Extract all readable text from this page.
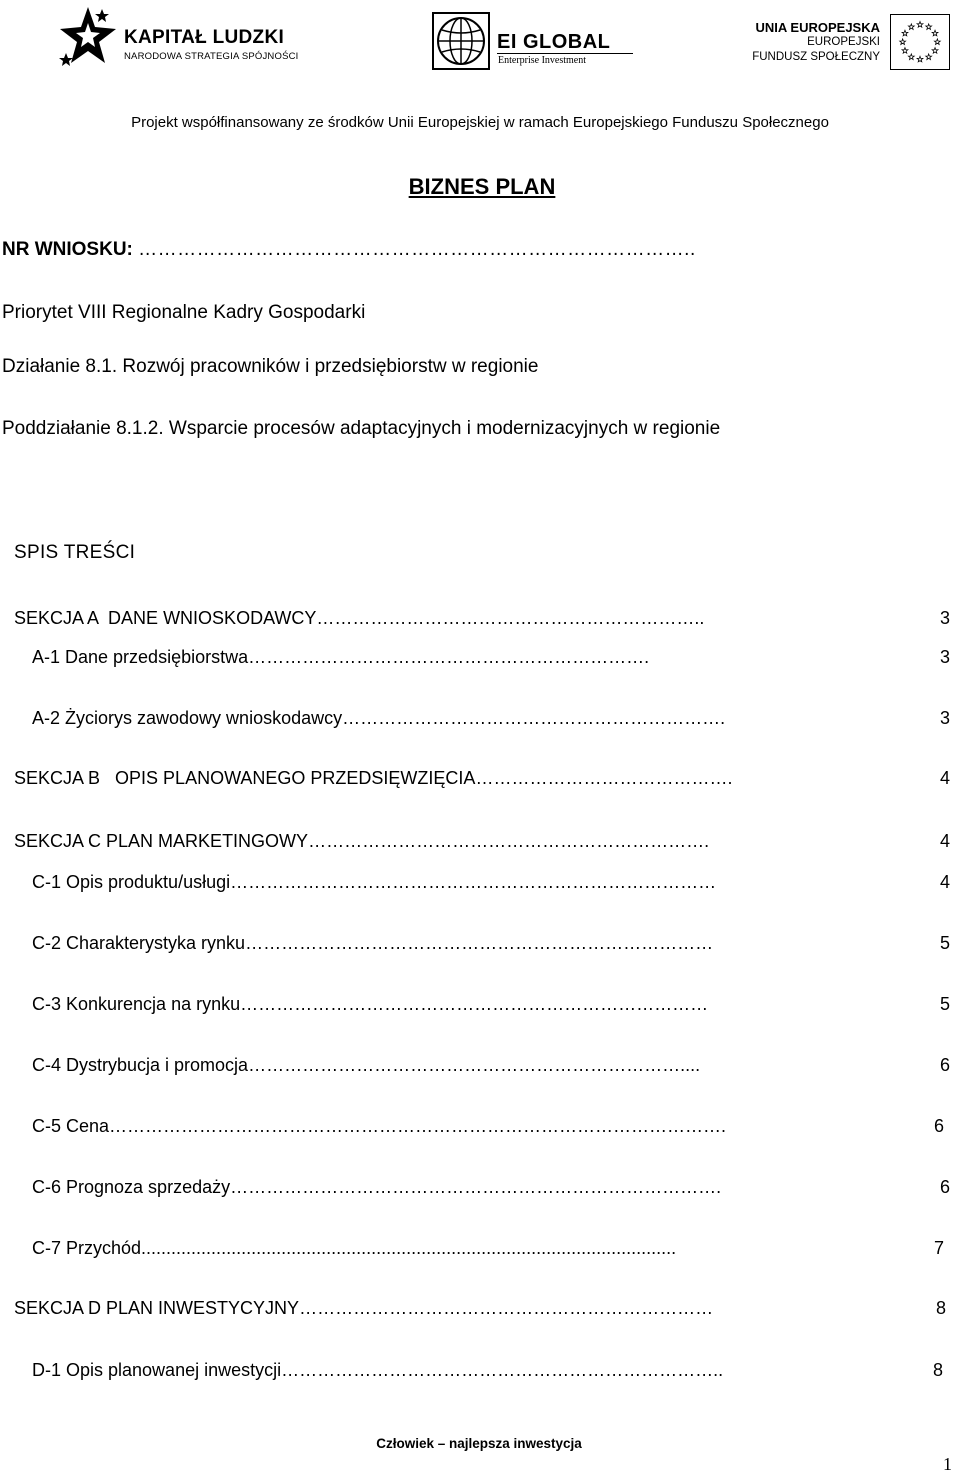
KAPITAŁ LUDZKI
NARODOWA STRATEGIA SPÓJNOŚCI
EI GLOBAL
Enterprise Investment
UNIA EUROPEJSKA
EUROPEJSKI
FUNDUSZ SPOŁECZNY
Projekt współfinansowany ze środków Unii Europejskiej w ramach Europejskiego Funduszu Społecznego
BIZNES PLAN
NR WNIOSKU: …………………………………………………………………………..
Priorytet VIII Regionalne Kadry Gospodarki
Działanie 8.1. Rozwój pracowników i przedsiębiorstw w regionie
Poddziałanie 8.1.2. Wsparcie procesów adaptacyjnych i modernizacyjnych w regionie
SPIS TREŚCI
SEKCJA A  DANE WNIOSKODAWCY ………………………………………………………..	3
A-1 Dane przedsiębiorstwa ………………………………………………………….	3
A-2 Życiorys zawodowy wnioskodawcy ……………………………………………………….	3
SEKCJA B   OPIS PLANOWANEGO PRZEDSIĘWZIĘCIA …………………………………….	4
SEKCJA C PLAN MARKETINGOWY ………………………………………………………….	4
C-1 Opis produktu/usługi ………………………………………………………………………	4
C-2 Charakterystyka rynku ……………………………………………………………………	5
C-3 Konkurencja na rynku ……………………………………………………………………	5
C-4 Dystrybucja i promocja ………………………………………………………………....	6
C-5 Cena ………………………………………………………………………………………….	6
C-6 Prognoza sprzedaży ……………………………………………………………………….	6
C-7 Przychód ...........................................................................................................	7
SEKCJA D PLAN INWESTYCYJNY ……………………………………………………………	8
D-1 Opis planowanej inwestycji ………………………………………………………………..	8
Człowiek – najlepsza inwestycja
1
